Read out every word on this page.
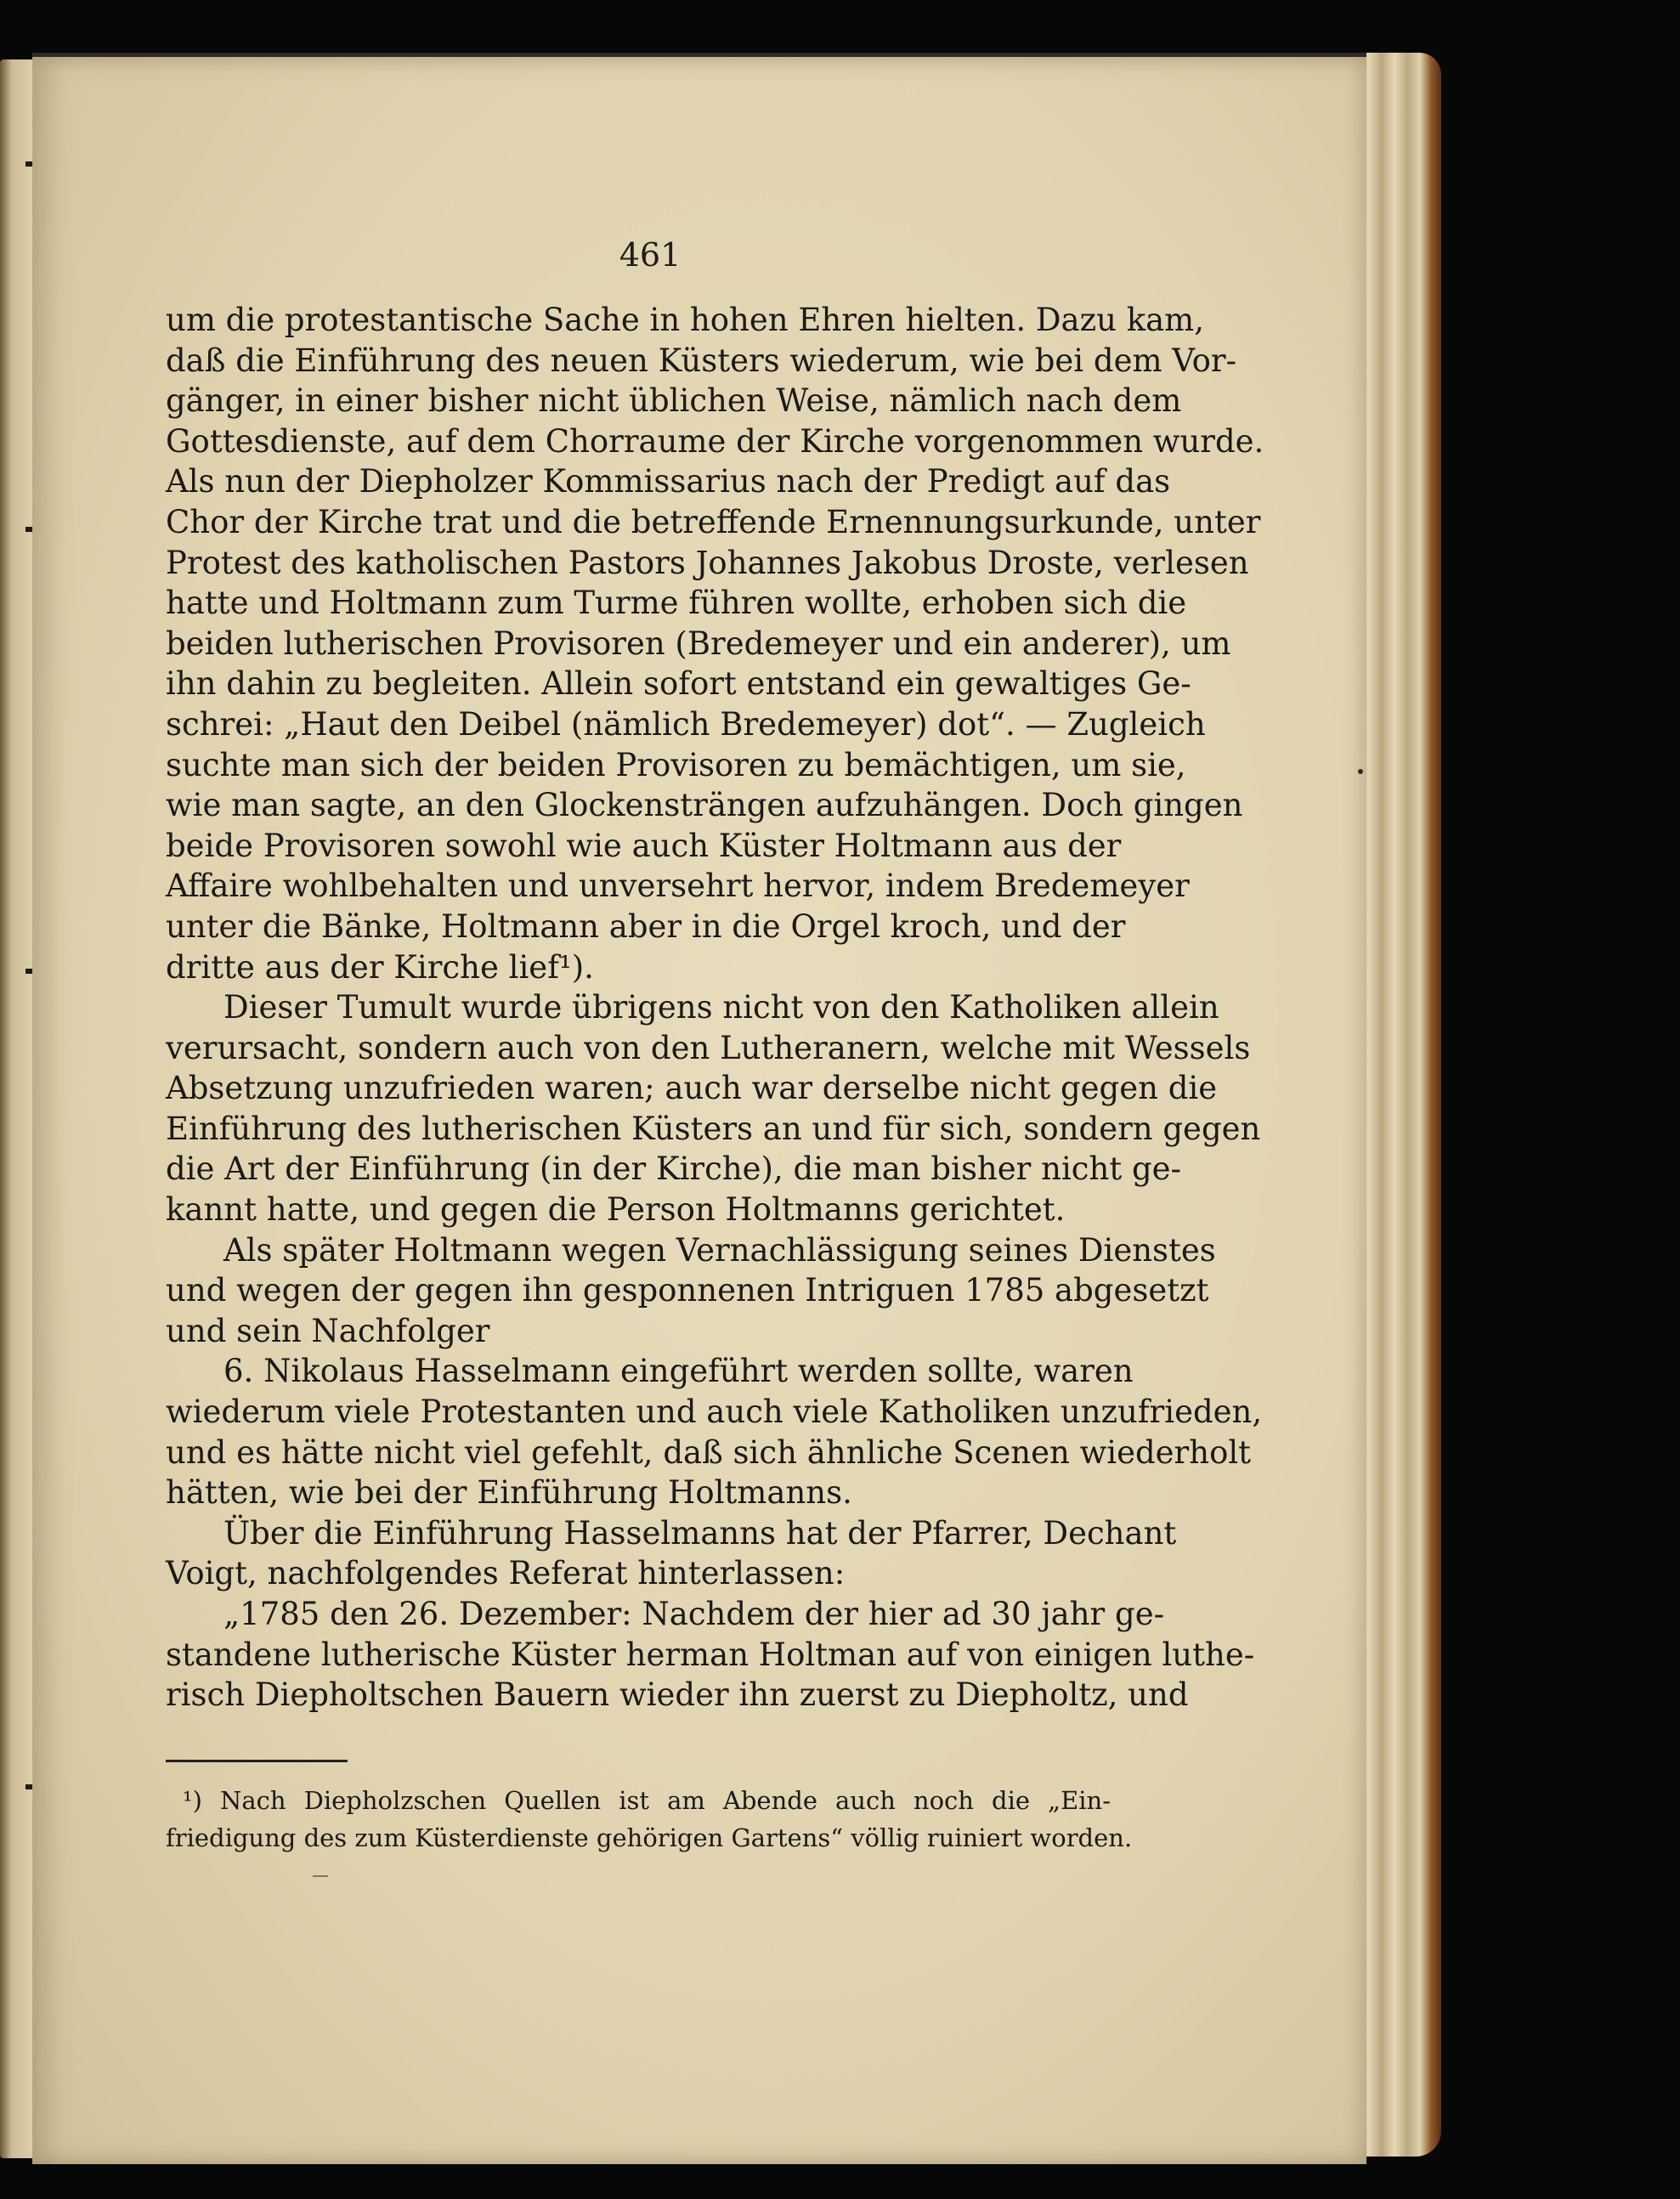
461
um die protestantische Sache in hohen Ehren hielten. Dazu kam,
daß die Einführung des neuen Küsters wiederum, wie bei dem Vor-
gänger, in einer bisher nicht üblichen Weise, nämlich nach dem
Gottesdienste, auf dem Chorraume der Kirche vorgenommen wurde.
Als nun der Diepholzer Kommissarius nach der Predigt auf das
Chor der Kirche trat und die betreffende Ernennungsurkunde, unter
Protest des katholischen Pastors Johannes Jakobus Droste, verlesen
hatte und Holtmann zum Turme führen wollte, erhoben sich die
beiden lutherischen Provisoren (Bredemeyer und ein anderer), um
ihn dahin zu begleiten. Allein sofort entstand ein gewaltiges Ge-
schrei: „Haut den Deibel (nämlich Bredemeyer) dot“. — Zugleich
suchte man sich der beiden Provisoren zu bemächtigen, um sie,
wie man sagte, an den Glockensträngen aufzuhängen. Doch gingen
beide Provisoren sowohl wie auch Küster Holtmann aus der
Affaire wohlbehalten und unversehrt hervor, indem Bredemeyer
unter die Bänke, Holtmann aber in die Orgel kroch, und der
dritte aus der Kirche lief¹).
Dieser Tumult wurde übrigens nicht von den Katholiken allein
verursacht, sondern auch von den Lutheranern, welche mit Wessels
Absetzung unzufrieden waren; auch war derselbe nicht gegen die
Einführung des lutherischen Küsters an und für sich, sondern gegen
die Art der Einführung (in der Kirche), die man bisher nicht ge-
kannt hatte, und gegen die Person Holtmanns gerichtet.
Als später Holtmann wegen Vernachlässigung seines Dienstes
und wegen der gegen ihn gesponnenen Intriguen 1785 abgesetzt
und sein Nachfolger
6. Nikolaus Hasselmann eingeführt werden sollte, waren
wiederum viele Protestanten und auch viele Katholiken unzufrieden,
und es hätte nicht viel gefehlt, daß sich ähnliche Scenen wiederholt
hätten, wie bei der Einführung Holtmanns.
Über die Einführung Hasselmanns hat der Pfarrer, Dechant
Voigt, nachfolgendes Referat hinterlassen:
„1785 den 26. Dezember: Nachdem der hier ad 30 jahr ge-
standene lutherische Küster herman Holtman auf von einigen luthe-
risch Diepholtschen Bauern wieder ihn zuerst zu Diepholtz, und
¹) Nach Diepholzschen Quellen ist am Abende auch noch die „Ein-
friedigung des zum Küsterdienste gehörigen Gartens“ völlig ruiniert worden.
